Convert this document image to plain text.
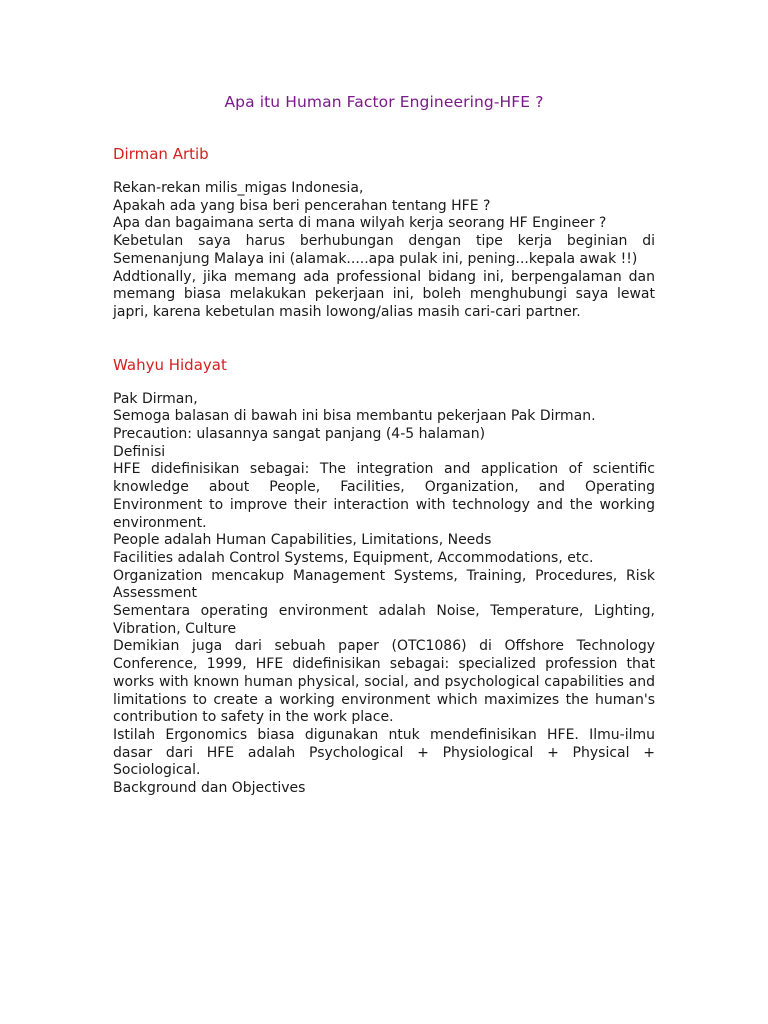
Apa itu Human Factor Engineering-HFE ?
Dirman Artib

Rekan-rekan milis_migas Indonesia,

Apakah ada yang bisa beri pencerahan tentang HFE ?

Apa dan bagaimana serta di mana wilyah kerja seorang HF Engineer ?

Kebetulan saya harus berhubungan dengan tipe kerja beginian di Semenanjung Malaya ini (alamak.....apa pulak ini, pening...kepala awak !!)

Addtionally, jika memang ada professional bidang ini, berpengalaman dan memang biasa melakukan pekerjaan ini, boleh menghubungi saya lewat japri, karena kebetulan masih lowong/alias masih cari-cari partner.

Wahyu Hidayat

Pak Dirman,

Semoga balasan di bawah ini bisa membantu pekerjaan Pak Dirman.

Precaution: ulasannya sangat panjang (4-5 halaman)

Definisi

HFE didefinisikan sebagai: The integration and application of scientific knowledge about People, Facilities, Organization, and Operating Environment to improve their interaction with technology and the working environment.

People adalah Human Capabilities, Limitations, Needs

Facilities adalah Control Systems, Equipment, Accommodations, etc.

Organization mencakup Management Systems, Training, Procedures, Risk Assessment

Sementara operating environment adalah Noise, Temperature, Lighting, Vibration, Culture

Demikian juga dari sebuah paper (OTC1086) di Offshore Technology Conference, 1999, HFE didefinisikan sebagai: specialized profession that works with known human physical, social, and psychological capabilities and limitations to create a working environment which maximizes the human's contribution to safety in the work place.

Istilah Ergonomics biasa digunakan ntuk mendefinisikan HFE. Ilmu-ilmu dasar dari HFE adalah Psychological + Physiological + Physical + Sociological.

Background dan Objectives
